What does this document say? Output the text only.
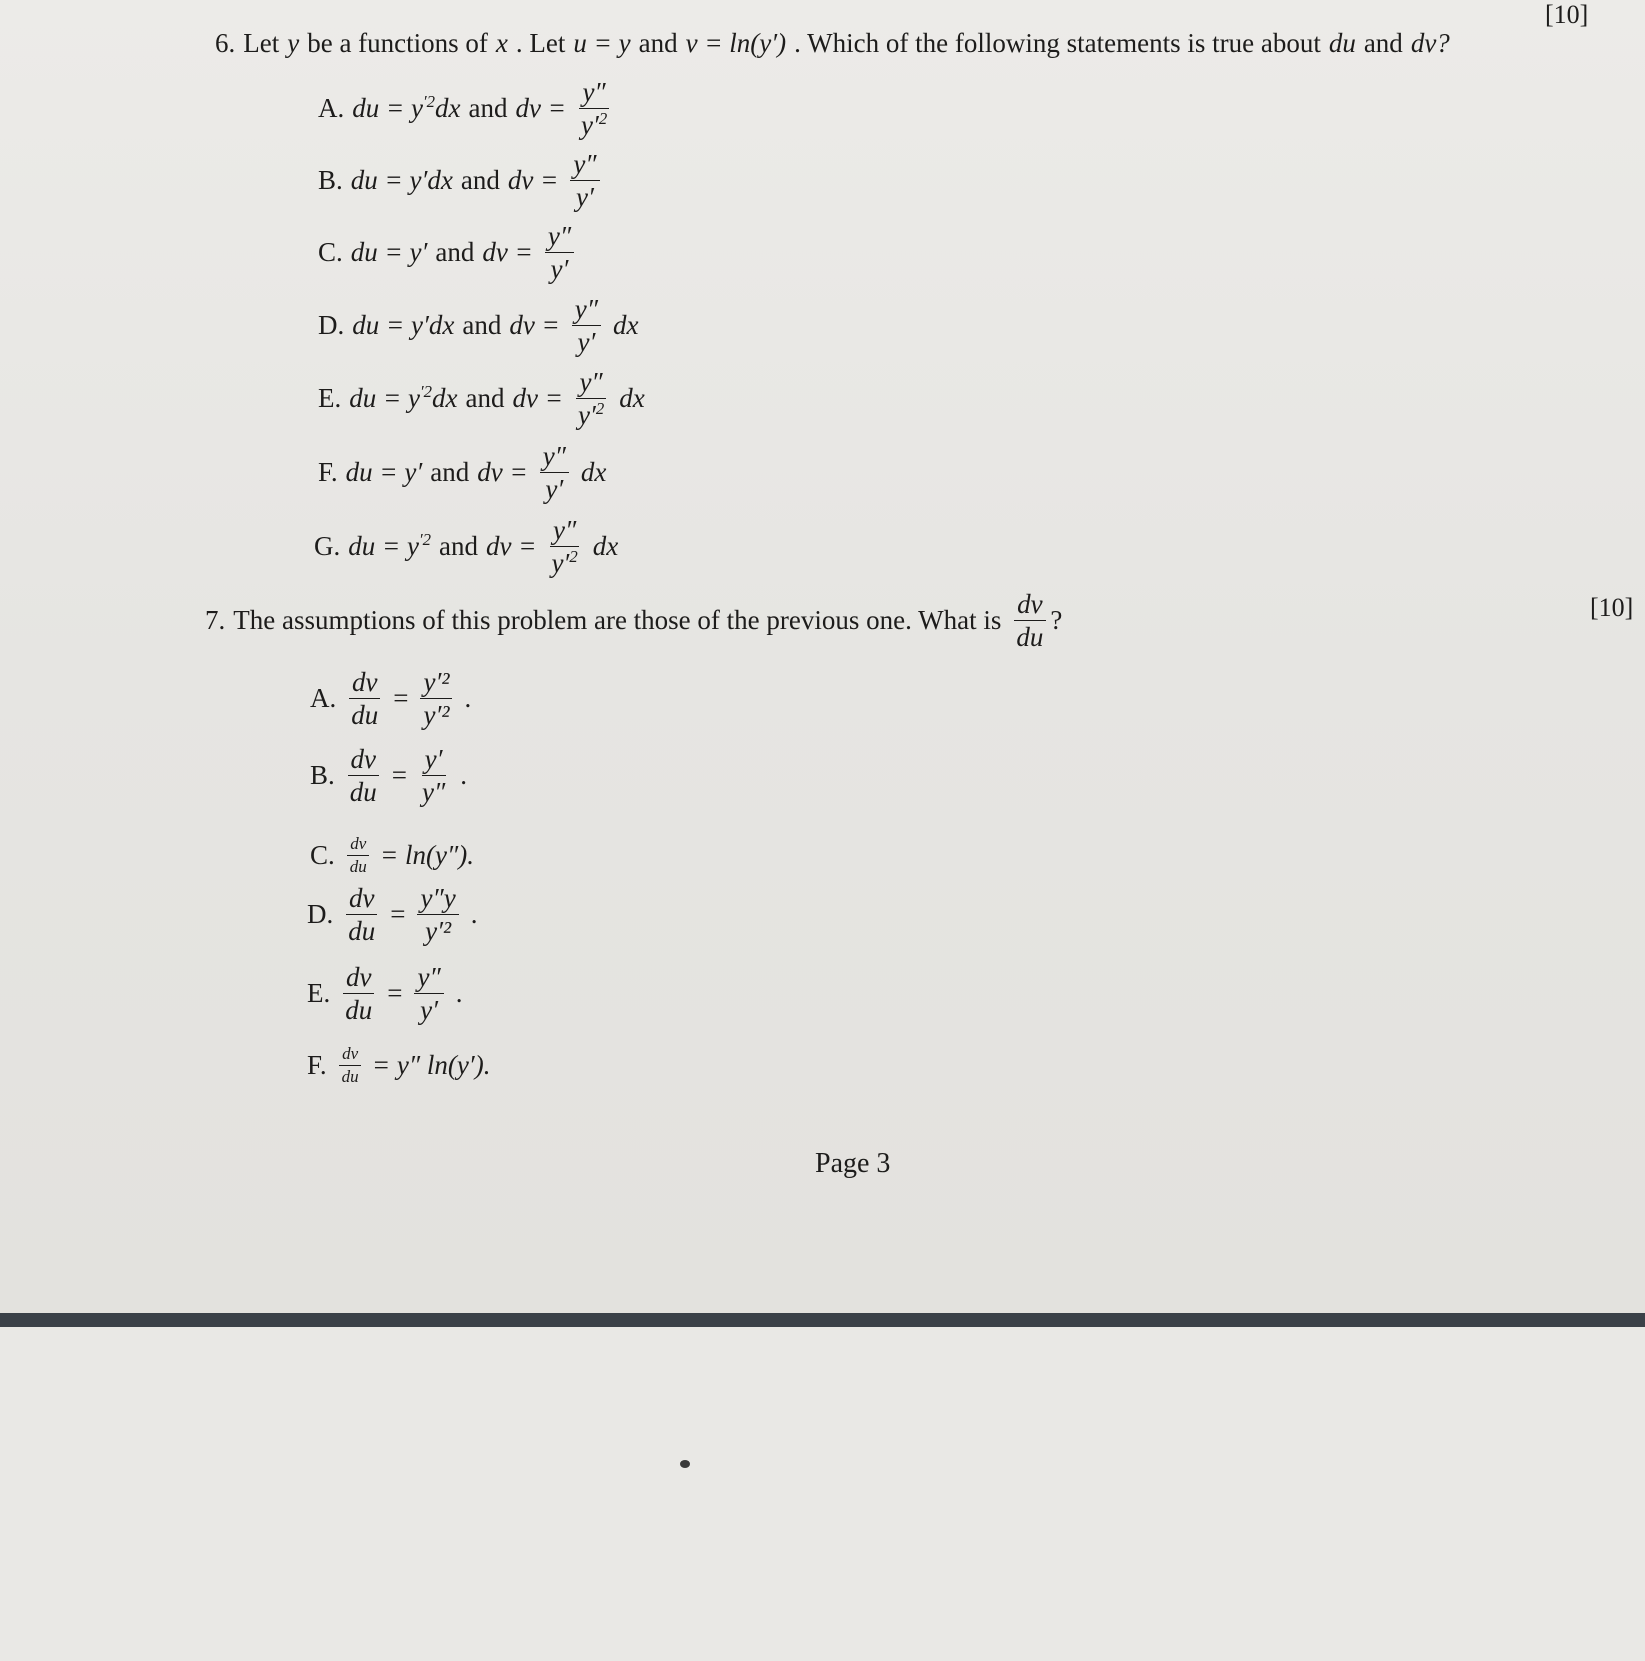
6. Let y be a functions of x . Let u = y and v = ln(y′) . Which of the following statements is true about du and dv?
[10]
A. du = $y^{'2}dx$ and dv = $\frac{y''}{y'^2}$
B. du = y′dx and dv = $\frac{y''}{y'}$
C. du = y′ and dv = $\frac{y''}{y'}$
D. du = y′dx and dv = $\frac{y''}{y'}$ dx
E. du = $y^{'2}dx$ and dv = $\frac{y''}{y'^2}$ dx
F. du = y′ and dv = $\frac{y''}{y'}$ dx
G. du = $y^{'2}$ and dv = $\frac{y''}{y'^2}$ dx
7. The assumptions of this problem are those of the previous one. What is $\frac{dv}{du}$ ?	[10]
A. $\frac{dv}{du} = \frac{\text{y′²}}{\text{y′²}}$ .
B. $\frac{dv}{du} = \frac{y'}{y''}$ .
C. $\frac{dv}{du} = \ln(y'')$.
D. $\frac{dv}{du} = \frac{y''y}{\text{y′²}}$ .
E. $\frac{dv}{du} = \frac{y''}{y'}$ .
F. $\frac{dv}{du} = y''$ ln(y′).
Page 3
